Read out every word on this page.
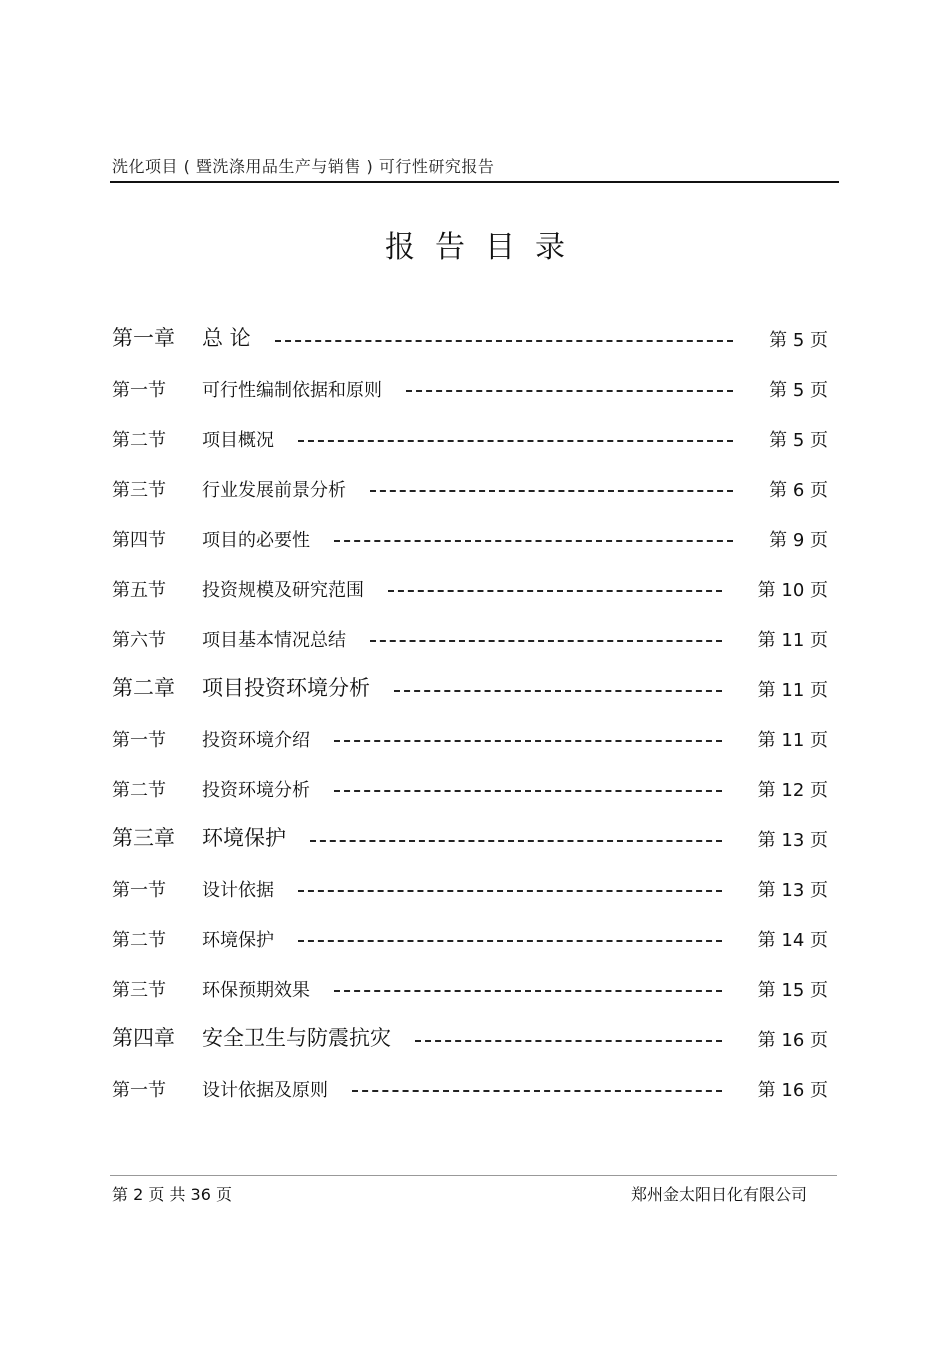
洗化项目 ( 暨洗涤用品生产与销售 ) 可行性研究报告
报告目录
第一章 总 论	第 5 页
第一节 可行性编制依据和原则	第 5 页
第二节 项目概况	第 5 页
第三节 行业发展前景分析	第 6 页
第四节 项目的必要性	第 9 页
第五节 投资规模及研究范围	第 10 页
第六节 项目基本情况总结	第 11 页
第二章 项目投资环境分析	第 11 页
第一节 投资环境介绍	第 11 页
第二节 投资环境分析	第 12 页
第三章 环境保护	第 13 页
第一节 设计依据	第 13 页
第二节 环境保护	第 14 页
第三节 环保预期效果	第 15 页
第四章 安全卫生与防震抗灾	第 16 页
第一节 设计依据及原则	第 16 页
第 2 页 共 36 页	郑州金太阳日化有限公司
